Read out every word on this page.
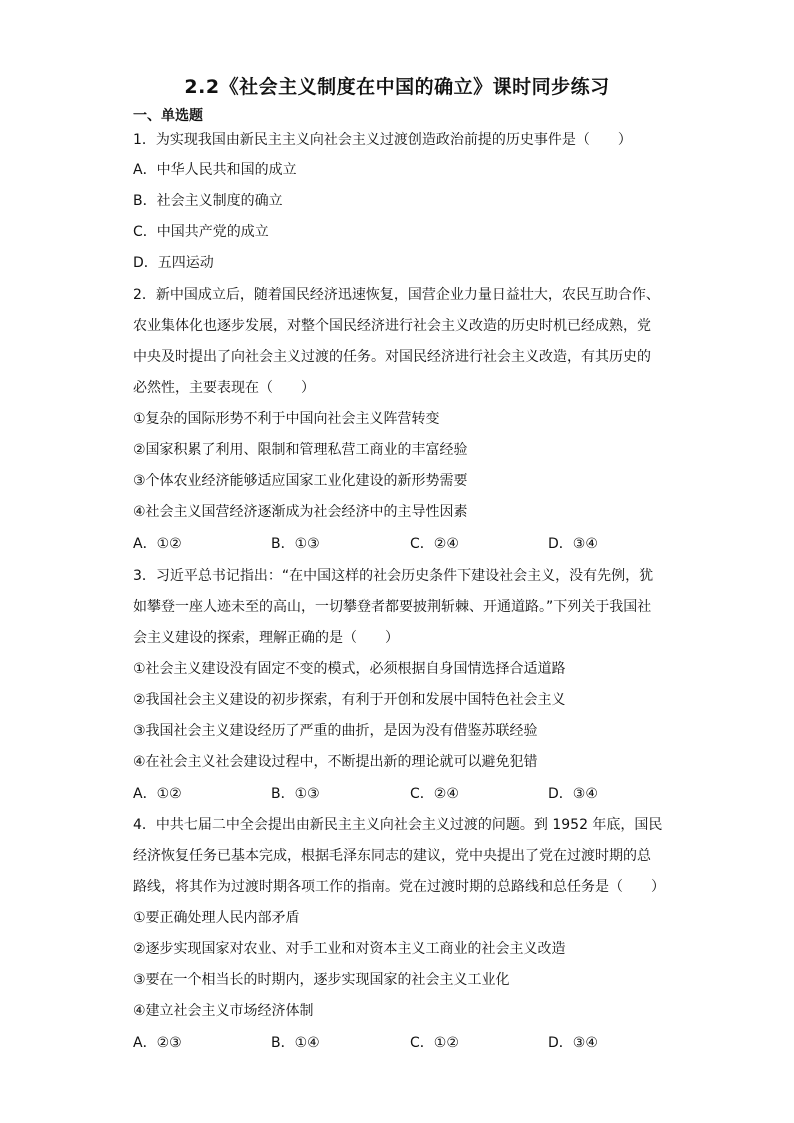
2.2《社会主义制度在中国的确立》课时同步练习
一、单选题
1．为实现我国由新民主主义向社会主义过渡创造政治前提的历史事件是（　　）
A．中华人民共和国的成立
B．社会主义制度的确立
C．中国共产党的成立
D．五四运动
2．新中国成立后，随着国民经济迅速恢复，国营企业力量日益壮大，农民互助合作、
农业集体化也逐步发展，对整个国民经济进行社会主义改造的历史时机已经成熟，党
中央及时提出了向社会主义过渡的任务。对国民经济进行社会主义改造，有其历史的
必然性，主要表现在（　　）
①复杂的国际形势不利于中国向社会主义阵营转变
②国家积累了利用、限制和管理私营工商业的丰富经验
③个体农业经济能够适应国家工业化建设的新形势需要
④社会主义国营经济逐渐成为社会经济中的主导性因素
A．①②	B．①③	C．②④	D．③④
3．习近平总书记指出：“在中国这样的社会历史条件下建设社会主义，没有先例，犹
如攀登一座人迹未至的高山，一切攀登者都要披荆斩棘、开通道路。”下列关于我国社
会主义建设的探索，理解正确的是（　　）
①社会主义建设没有固定不变的模式，必须根据自身国情选择合适道路
②我国社会主义建设的初步探索，有利于开创和发展中国特色社会主义
③我国社会主义建设经历了严重的曲折，是因为没有借鉴苏联经验
④在社会主义社会建设过程中，不断提出新的理论就可以避免犯错
A．①②	B．①③	C．②④	D．③④
4．中共七届二中全会提出由新民主主义向社会主义过渡的问题。到 1952 年底，国民
经济恢复任务已基本完成，根据毛泽东同志的建议，党中央提出了党在过渡时期的总
路线，将其作为过渡时期各项工作的指南。党在过渡时期的总路线和总任务是（　　）
①要正确处理人民内部矛盾
②逐步实现国家对农业、对手工业和对资本主义工商业的社会主义改造
③要在一个相当长的时期内，逐步实现国家的社会主义工业化
④建立社会主义市场经济体制
A．②③	B．①④	C．①②	D．③④
